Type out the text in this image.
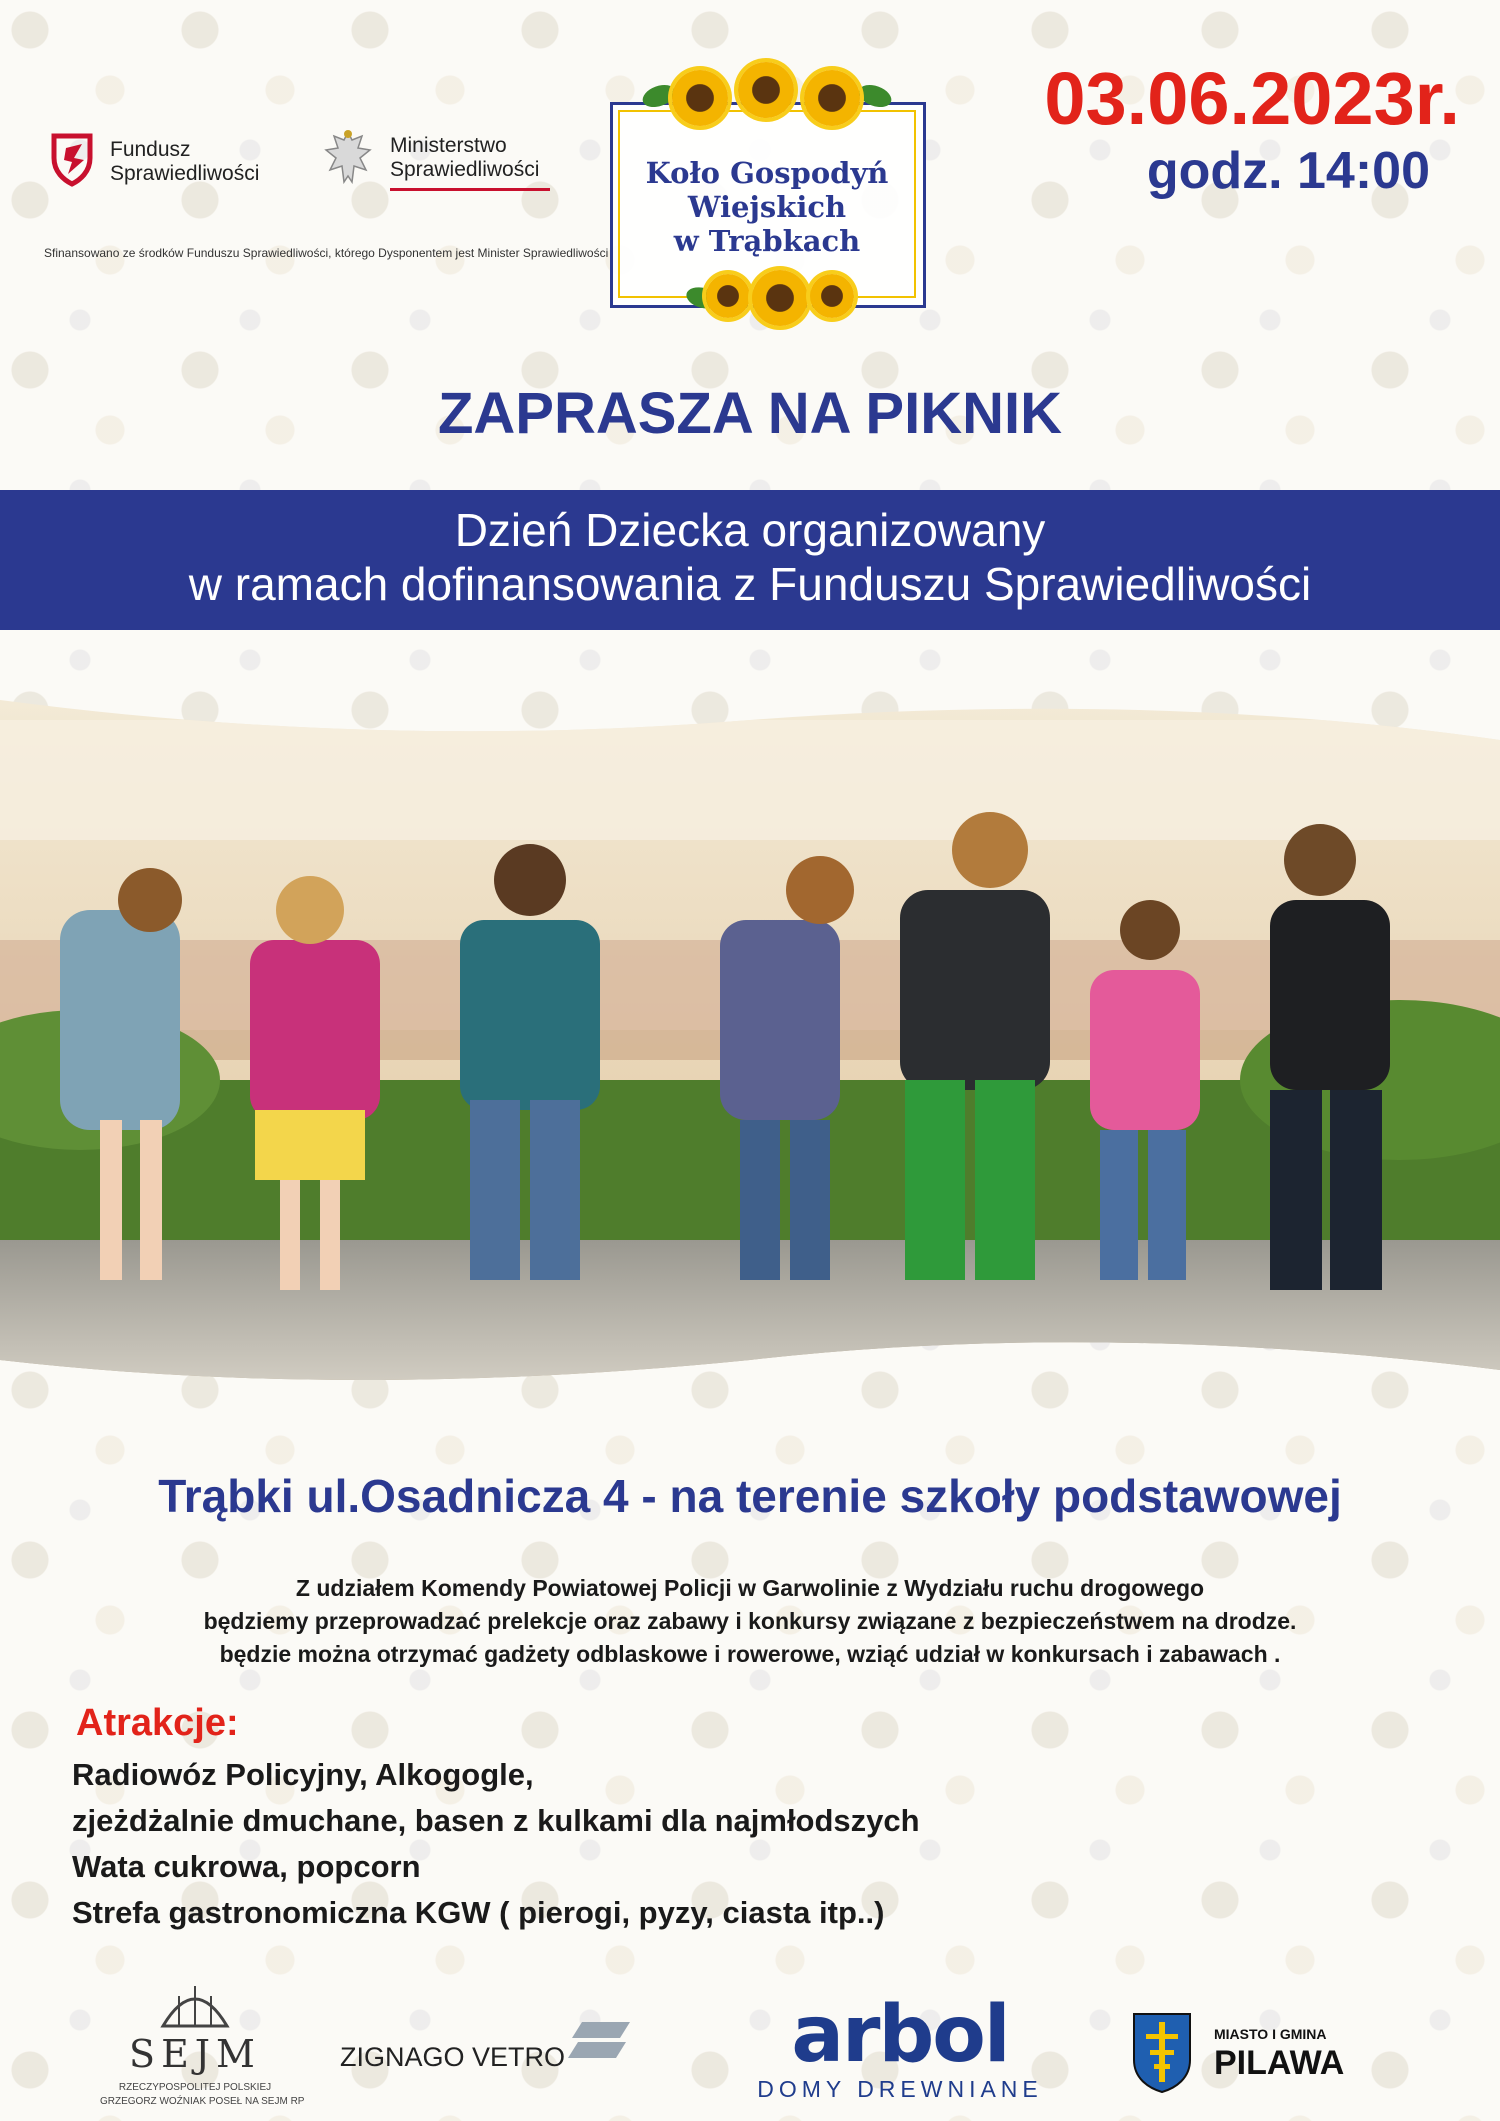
Fundusz
Sprawiedliwości
Ministerstwo
Sprawiedliwości
Sfinansowano ze środków Funduszu Sprawiedliwości, którego Dysponentem jest Minister Sprawiedliwości
Koło Gospodyń
Wiejskich
w Trąbkach
03.06.2023r.
godz. 14:00
ZAPRASZA NA PIKNIK
Dzień Dziecka organizowany
w ramach dofinansowania z Funduszu Sprawiedliwości
Trąbki ul.Osadnicza 4 - na terenie szkoły podstawowej
Z udziałem Komendy Powiatowej Policji w Garwolinie z Wydziału ruchu drogowego
będziemy przeprowadzać prelekcje oraz zabawy i konkursy związane z bezpieczeństwem na drodze.
będzie można otrzymać gadżety odblaskowe i rowerowe, wziąć udział w konkursach i zabawach .
Atrakcje:
Radiowóz Policyjny, Alkogogle,
zjeżdżalnie dmuchane, basen z kulkami dla najmłodszych
Wata cukrowa, popcorn
Strefa gastronomiczna KGW ( pierogi, pyzy, ciasta itp..)
SEJM
RZECZYPOSPOLITEJ POLSKIEJ
GRZEGORZ WOŹNIAK POSEŁ NA SEJM RP
ZIGNAGO VETRO	arbol
DOMY DREWNIANE
MIASTO I GMINA
PILAWA
